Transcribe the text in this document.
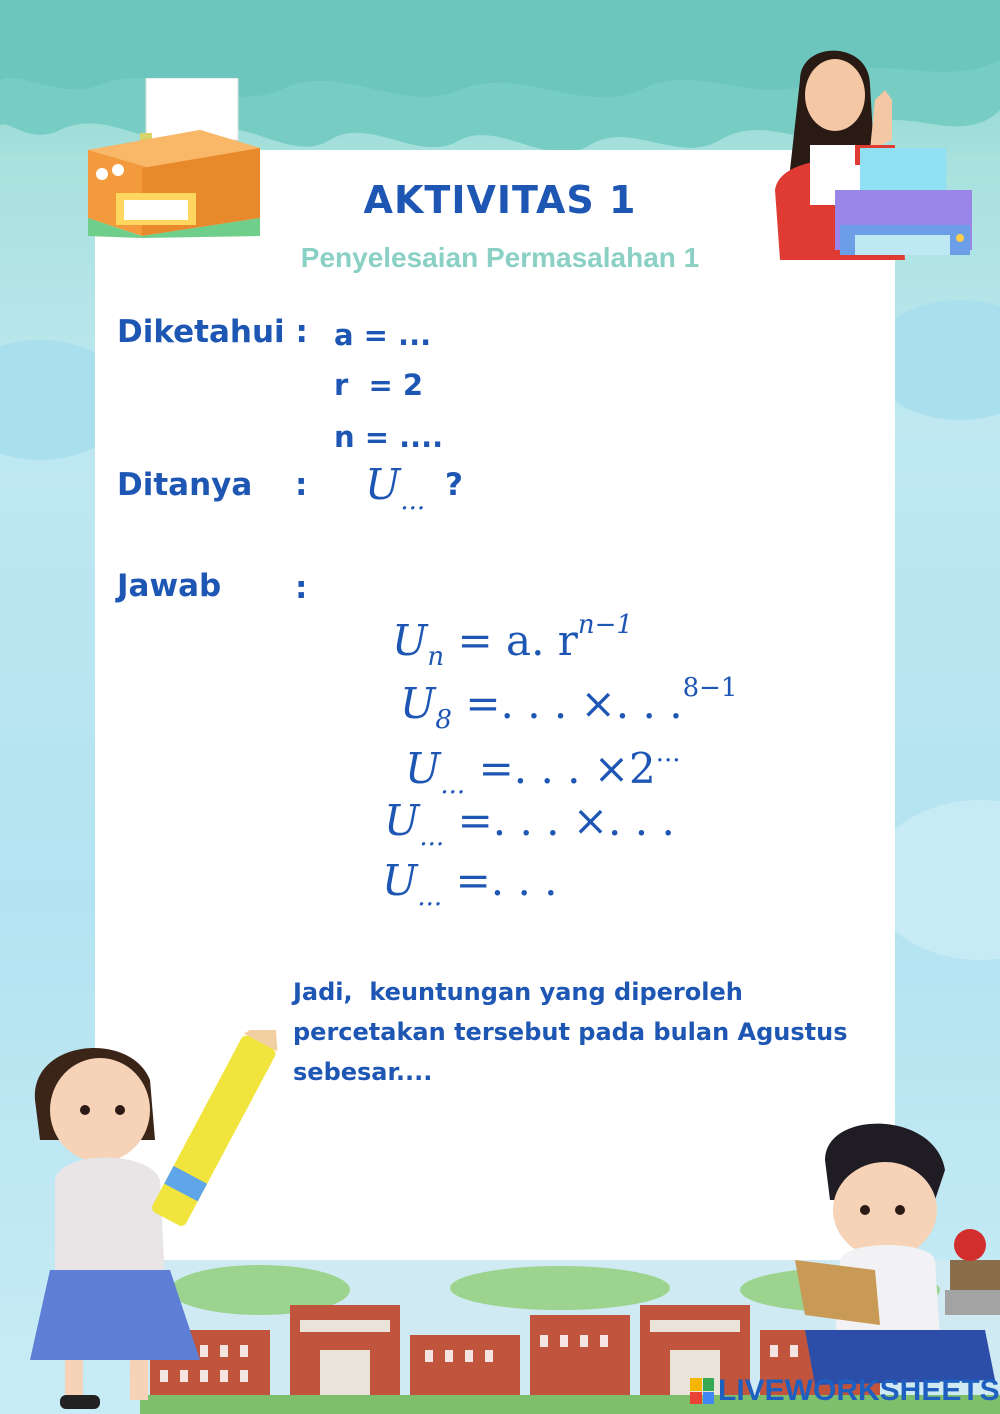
AKTIVITAS 1
Penyelesaian Permasalahan 1
Diketahui : a = ...
r  = 2
n = ....
Ditanya : $U_{...}$ ?
Jawab :
$U_n = a$. $r^{n-1}$
$U_8$ =. . . ×. . .$^{8-1}$
$U_{...}$ =. . . ×2...
$U_{...}$ =. . . ×. . .
$U_{...}$ =. . .
Jadi,  keuntungan yang diperoleh
percetakan tersebut pada bulan Agustus
sebesar....
LIVEWORKSHEETS
